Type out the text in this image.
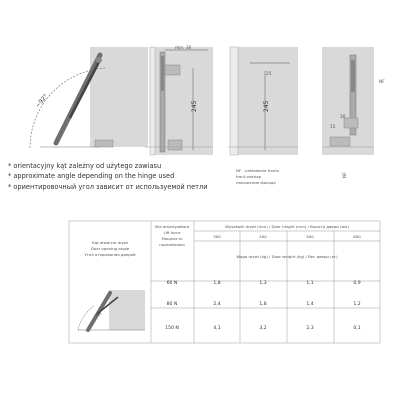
~92°
min. 30
245
25
245
NF - nakładanie frontu
front overlap
наложение фасада
NF
15
30
NF
* orientacyjny kąt zależny od użytego zawiasu
* approximate angle depending on the hinge used
* ориентировочный угол зависит от используемой петли
Kąt otwarcia drzwi
Door opening angle
Угол открывания дверей
Siła amortyzatora
Lift force
Мощность
подъемника
Wysokość drzwi (mm) / Door height (mm) / Высота двери (мм)
300	400	500	600
Waga drzwi (kg) / Door weight (kg) / Вес двери (кг)
60 N	1,8	1,3	1,1	0,9
80 N	2,4	1,8	1,4	1,2
150 N	4,1	3,2	2,3	0,1
45°
